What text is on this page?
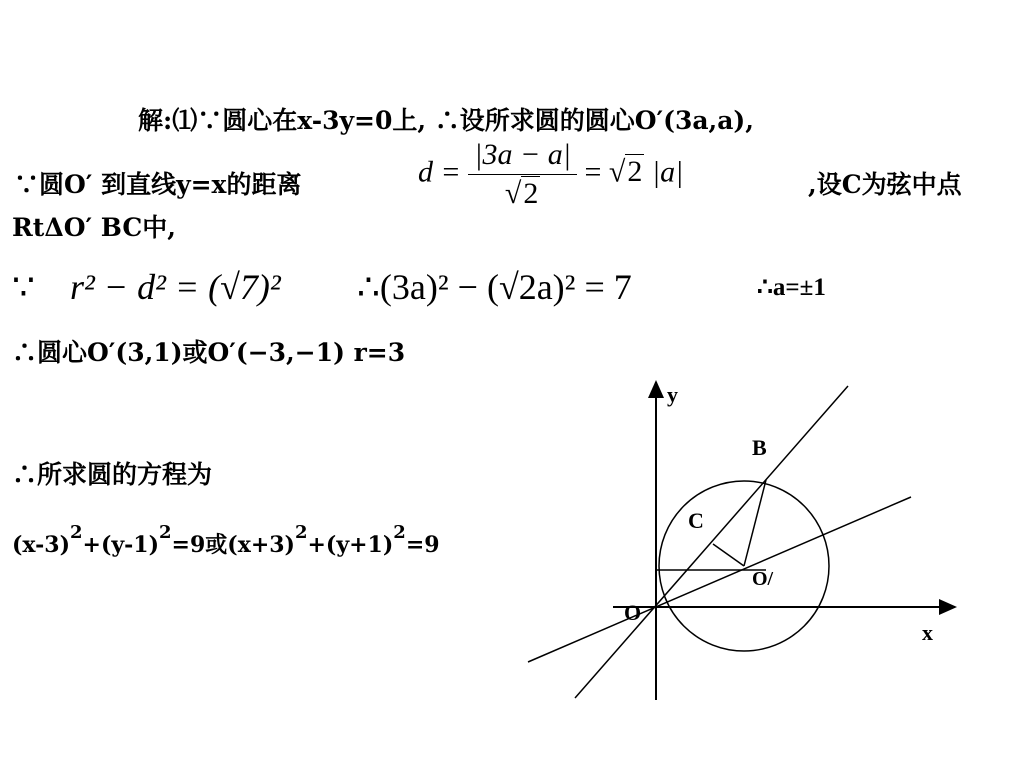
解:⑴∵圆心在x-3y=0上, ∴设所求圆的圆心O′(3a,a),
∵圆O′ 到直线y=x的距离	$d = \frac{|3a - a|}{√2} = √2$ |a|	,设C为弦中点
RtΔO′ BC中,
∵ r² − d² = (√7)² ∴(3a)² − (√2a)² = 7	∴a=±1
∴圆心O′(3,1)或O′(−3,−1) r=3
∴所求圆的方程为
$(x-3)^2+(y-1)^2=9$或$(x+3)^2+(y+1)^2=9$
y
x
O
B
C
O/
